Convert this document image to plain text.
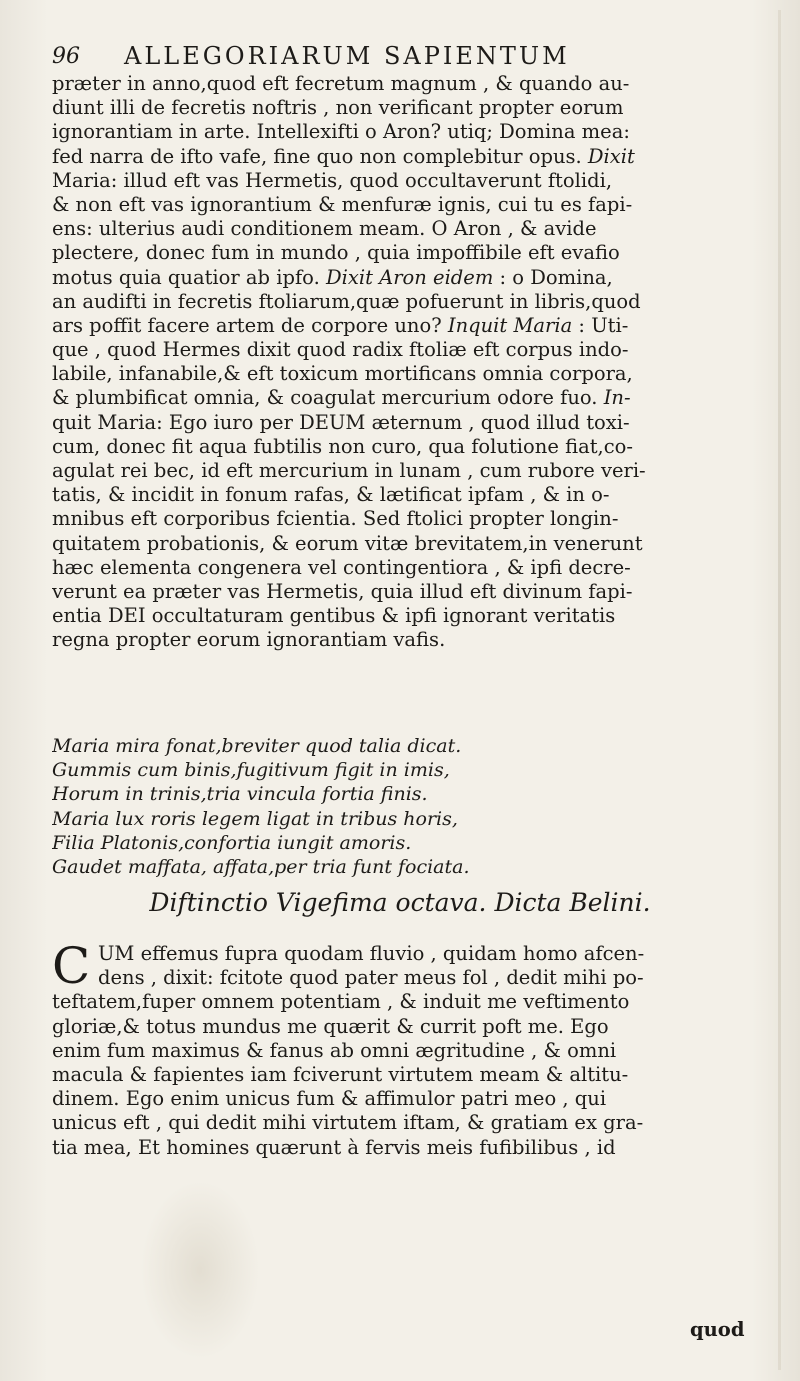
96 ALLEGORIARUM SAPIENTUM
præter in anno,quod eft fecretum magnum , & quando au-
diunt illi de fecretis noftris , non verificant propter eorum
ignorantiam in arte. Intellexifti o Aron? utiq; Domina mea:
fed narra de ifto vafe, fine quo non complebitur opus. Dixit
Maria: illud eft vas Hermetis, quod occultaverunt ftolidi,
& non eft vas ignorantium & menfuræ ignis, cui tu es fapi-
ens: ulterius audi conditionem meam. O Aron , & avide
plectere, donec fum in mundo , quia impoffibile eft evafio
motus quia quatior ab ipfo. Dixit Aron eidem : o Domina,
an audifti in fecretis ftoliarum,quæ pofuerunt in libris,quod
ars poffit facere artem de corpore uno? Inquit Maria : Uti-
que , quod Hermes dixit quod radix ftoliæ eft corpus indo-
labile, infanabile,& eft toxicum mortificans omnia corpora,
& plumbificat omnia, & coagulat mercurium odore fuo. In-
quit Maria: Ego iuro per DEUM æternum , quod illud toxi-
cum, donec fit aqua fubtilis non curo, qua folutione fiat,co-
agulat rei bec, id eft mercurium in lunam , cum rubore veri-
tatis, & incidit in fonum rafas, & lætificat ipfam , & in o-
mnibus eft corporibus fcientia. Sed ftolici propter longin-
quitatem probationis, & eorum vitæ brevitatem,in venerunt
hæc elementa congenera vel contingentiora , & ipfi decre-
verunt ea præter vas Hermetis, quia illud eft divinum fapi-
entia DEI occultaturam gentibus & ipfi ignorant veritatis
regna propter eorum ignorantiam vafis.
Maria mira fonat,breviter quod talia dicat.
Gummis cum binis,fugitivum figit in imis,
Horum in trinis,tria vincula fortia finis.
Maria lux roris legem ligat in tribus horis,
Filia Platonis,confortia iungit amoris.
Gaudet maffata, affata,per tria funt fociata.
Diftinctio Vigefima octava. Dicta Belini.
C UM effemus fupra quodam fluvio , quidam homo afcen-
dens , dixit: fcitote quod pater meus fol , dedit mihi po-
teftatem,fuper omnem potentiam , & induit me veftimento
gloriæ,& totus mundus me quærit & currit poft me. Ego
enim fum maximus & fanus ab omni ægritudine , & omni
macula & fapientes iam fciverunt virtutem meam & altitu-
dinem. Ego enim unicus fum & affimulor patri meo , qui
unicus eft , qui dedit mihi virtutem iftam, & gratiam ex gra-
tia mea, Et homines quærunt à fervis meis fufibilibus , id
quod
